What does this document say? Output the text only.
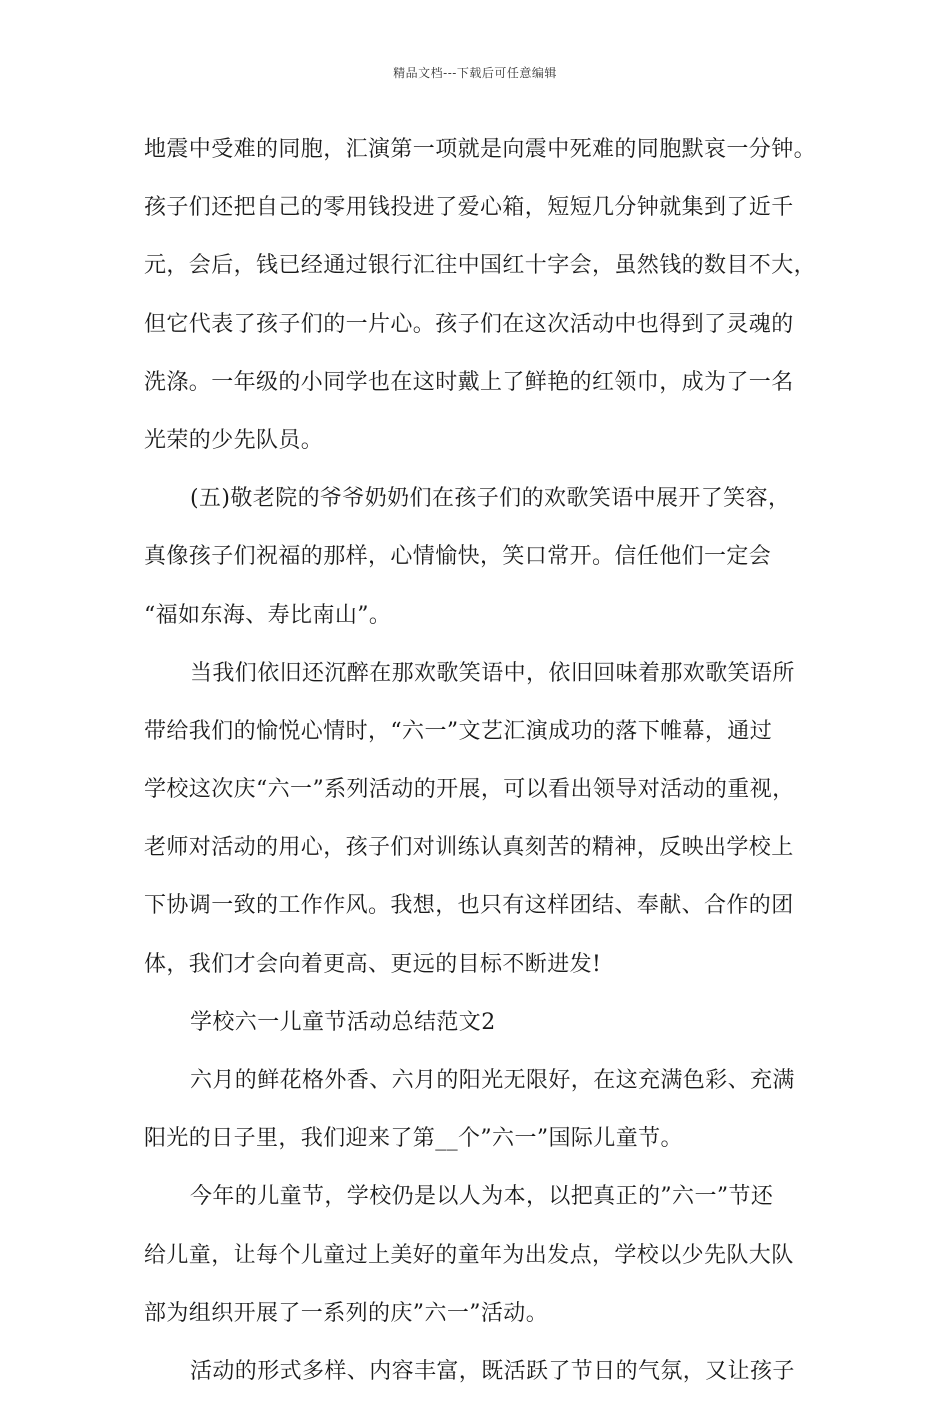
精品文档---下载后可任意编辑
地震中受难的同胞，汇演第一项就是向震中死难的同胞默哀一分钟。
孩子们还把自己的零用钱投进了爱心箱，短短几分钟就集到了近千
元，会后，钱已经通过银行汇往中国红十字会，虽然钱的数目不大，
但它代表了孩子们的一片心。孩子们在这次活动中也得到了灵魂的
洗涤。一年级的小同学也在这时戴上了鲜艳的红领巾，成为了一名
光荣的少先队员。
(五)敬老院的爷爷奶奶们在孩子们的欢歌笑语中展开了笑容，
真像孩子们祝福的那样，心情愉快，笑口常开。信任他们一定会
“福如东海、寿比南山”。
当我们依旧还沉醉在那欢歌笑语中，依旧回味着那欢歌笑语所
带给我们的愉悦心情时，“六一”文艺汇演成功的落下帷幕，通过
学校这次庆“六一”系列活动的开展，可以看出领导对活动的重视，
老师对活动的用心，孩子们对训练认真刻苦的精神，反映出学校上
下协调一致的工作作风。我想，也只有这样团结、奉献、合作的团
体，我们才会向着更高、更远的目标不断进发!
学校六一儿童节活动总结范文2
六月的鲜花格外香、六月的阳光无限好，在这充满色彩、充满
阳光的日子里，我们迎来了第__个”六一”国际儿童节。
今年的儿童节，学校仍是以人为本，以把真正的”六一”节还
给儿童，让每个儿童过上美好的童年为出发点，学校以少先队大队
部为组织开展了一系列的庆”六一”活动。
活动的形式多样、内容丰富，既活跃了节日的气氛，又让孩子
